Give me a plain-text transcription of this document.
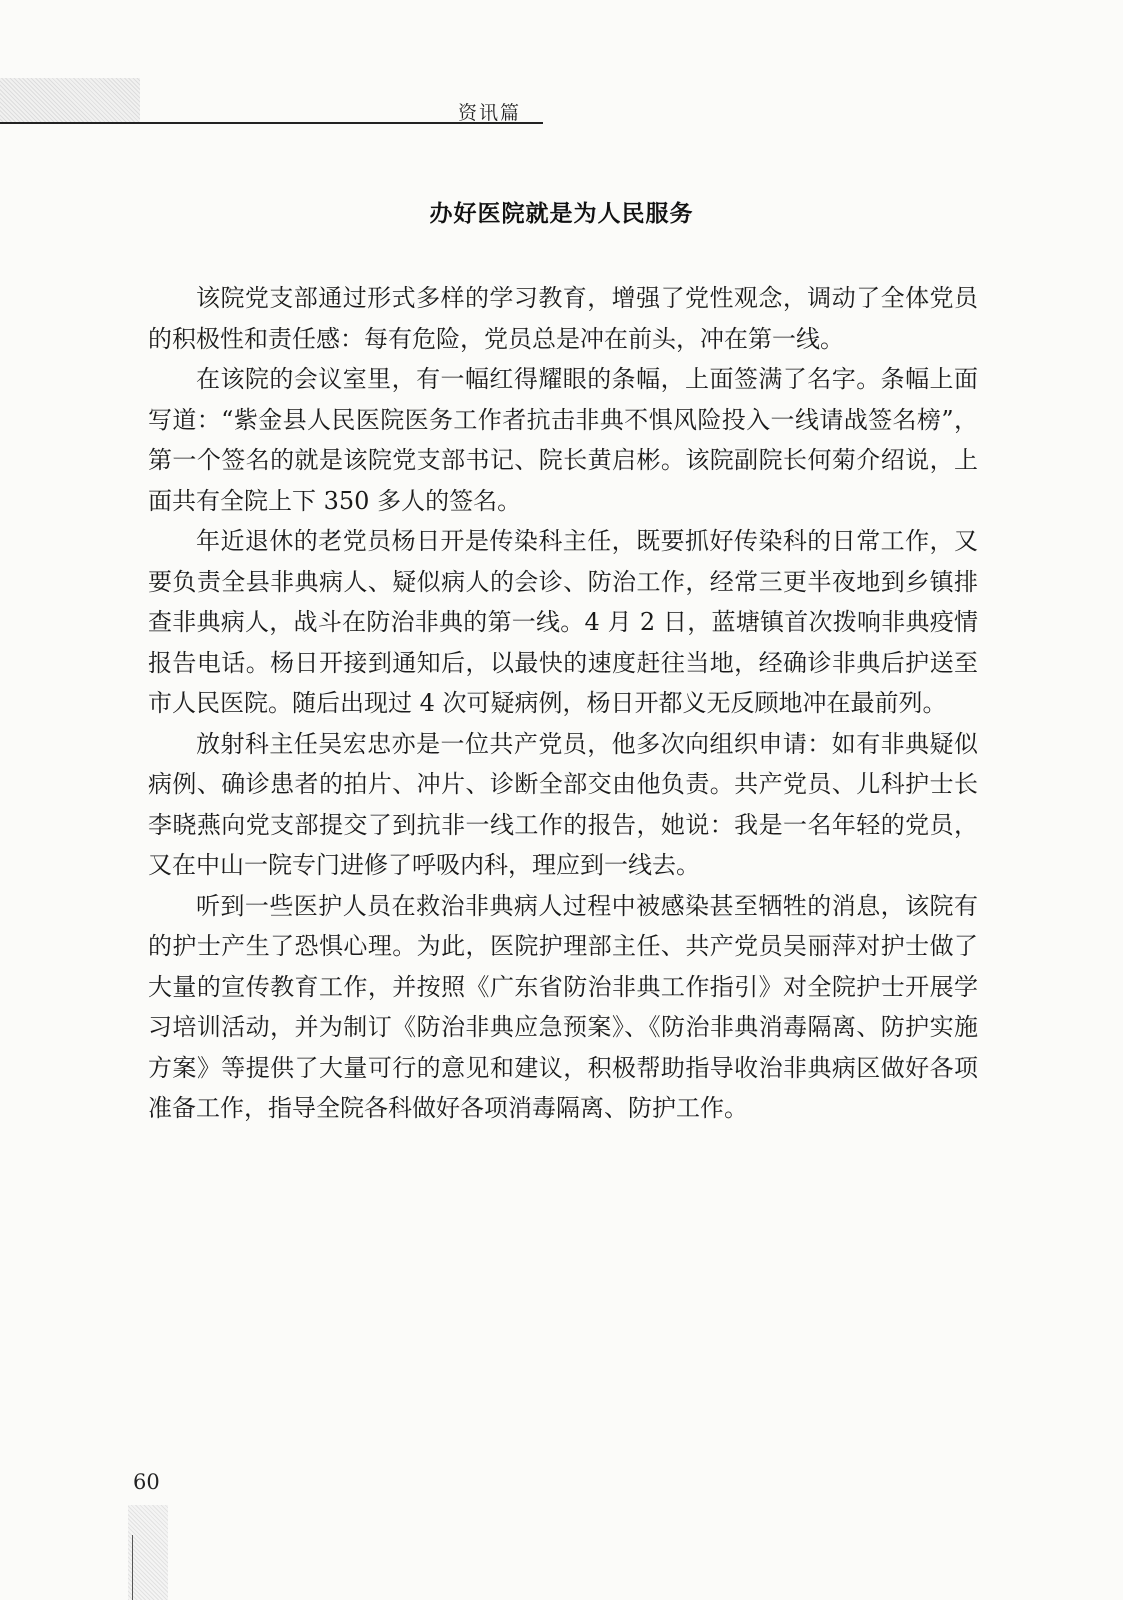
资讯篇
办好医院就是为人民服务

该院党支部通过形式多样的学习教育，增强了党性观念，调动了全体党员的积极性和责任感：每有危险，党员总是冲在前头，冲在第一线。

在该院的会议室里，有一幅红得耀眼的条幅，上面签满了名字。条幅上面写道：“紫金县人民医院医务工作者抗击非典不惧风险投入一线请战签名榜”，第一个签名的就是该院党支部书记、院长黄启彬。该院副院长何菊介绍说，上面共有全院上下 350 多人的签名。

年近退休的老党员杨日开是传染科主任，既要抓好传染科的日常工作，又要负责全县非典病人、疑似病人的会诊、防治工作，经常三更半夜地到乡镇排查非典病人，战斗在防治非典的第一线。4 月 2 日，蓝塘镇首次拨响非典疫情报告电话。杨日开接到通知后，以最快的速度赶往当地，经确诊非典后护送至市人民医院。随后出现过 4 次可疑病例，杨日开都义无反顾地冲在最前列。

放射科主任吴宏忠亦是一位共产党员，他多次向组织申请：如有非典疑似病例、确诊患者的拍片、冲片、诊断全部交由他负责。共产党员、儿科护士长李晓燕向党支部提交了到抗非一线工作的报告，她说：我是一名年轻的党员，又在中山一院专门进修了呼吸内科，理应到一线去。

听到一些医护人员在救治非典病人过程中被感染甚至牺牲的消息，该院有的护士产生了恐惧心理。为此，医院护理部主任、共产党员吴丽萍对护士做了大量的宣传教育工作，并按照《广东省防治非典工作指引》对全院护士开展学习培训活动，并为制订《防治非典应急预案》、《防治非典消毒隔离、防护实施方案》等提供了大量可行的意见和建议，积极帮助指导收治非典病区做好各项准备工作，指导全院各科做好各项消毒隔离、防护工作。

60
